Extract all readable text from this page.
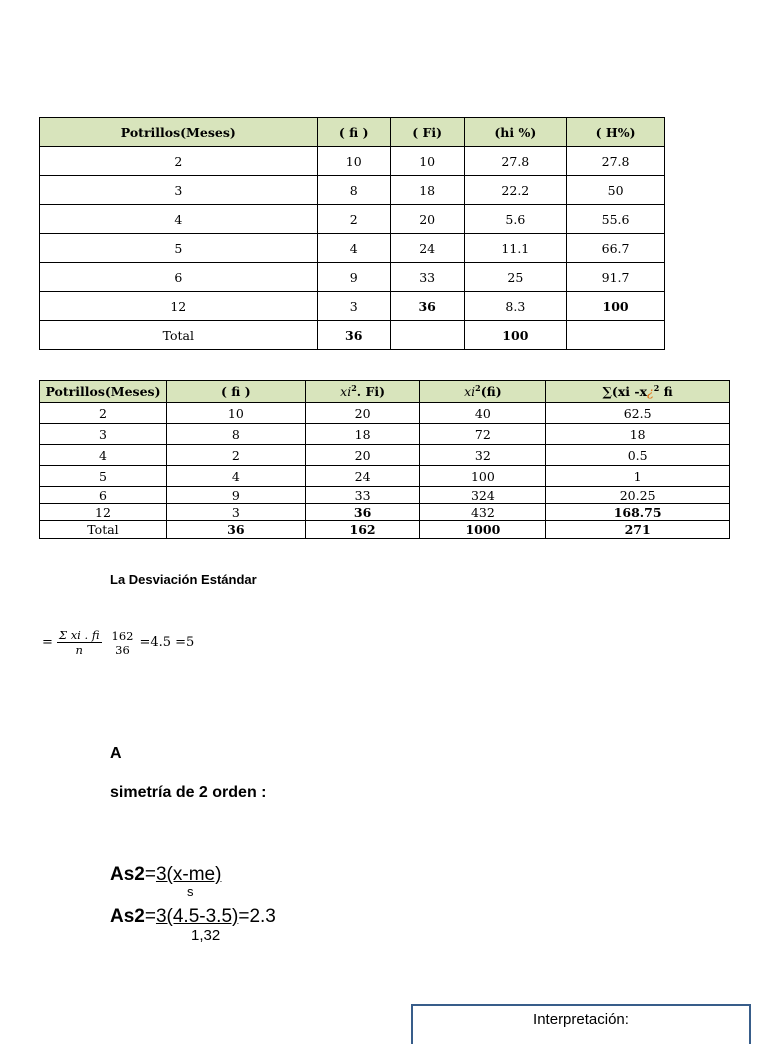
Potrillos(Meses)	( fi )	( Fi)	(hi %)	( H%)
2	10	10	27.8	27.8
3	8	18	22.2	50
4	2	20	5.6	55.6
5	4	24	11.1	66.7
6	9	33	25	91.7
12	3	36	8.3	100
Total	36		100	
Potrillos(Meses)	( fi )	$xi^2$. Fi)	$xi^2(fi)$	∑(xi -x¿$^2$ fi
2	10	20	40	62.5
3	8	18	72	18
4	2	20	32	0.5
5	4	24	100	1
6	9	33	324	20.25
12	3	36	432	168.75
Total	36	162	1000	271
La Desviación Estándar
= $\frac{\text{Σ xi . fi}}{n} 162$
36 =4.5 =5
A
simetría de 2 orden :
As2=3(x-me)
s
As2=3(4.5-3.5)=2.3
1,32
Interpretación:
